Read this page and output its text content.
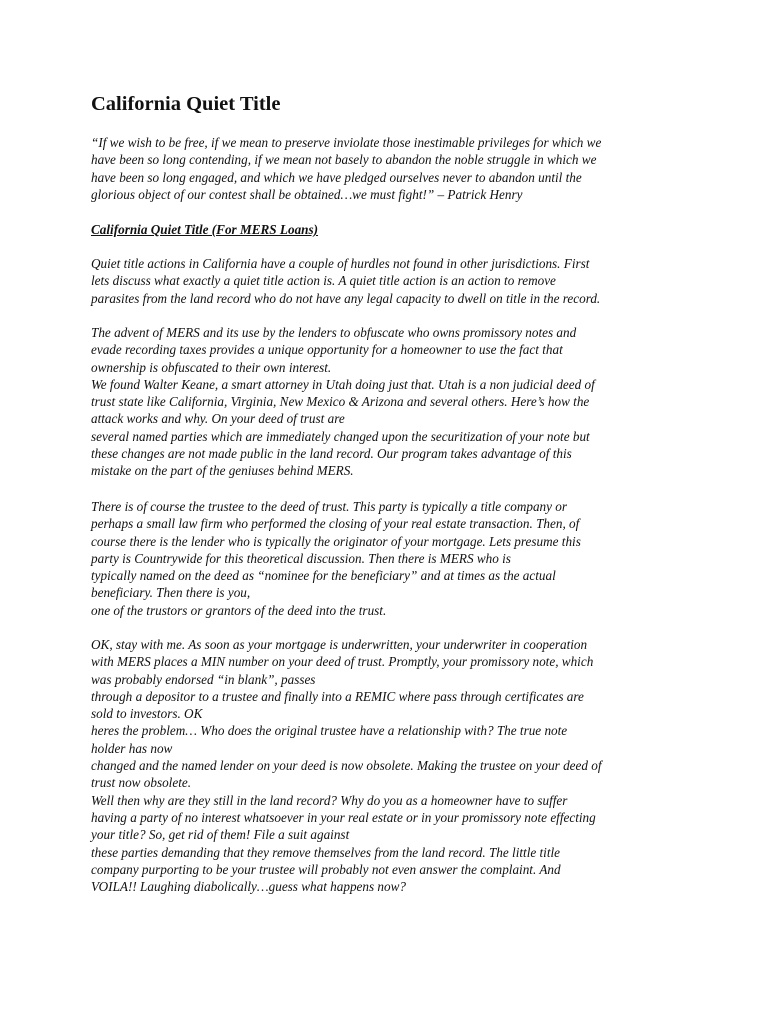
California Quiet Title

“If we wish to be free, if we mean to preserve inviolate those inestimable privileges for which we
have been so long contending, if we mean not basely to abandon the noble struggle in which we
have been so long engaged, and which we have pledged ourselves never to abandon until the
glorious object of our contest shall be obtained…we must fight!” – Patrick Henry

California Quiet Title (For MERS Loans)

Quiet title actions in California have a couple of hurdles not found in other jurisdictions. First
lets discuss what exactly a quiet title action is. A quiet title action is an action to remove
parasites from the land record who do not have any legal capacity to dwell on title in the record.

The advent of MERS and its use by the lenders to obfuscate who owns promissory notes and
evade recording taxes provides a unique opportunity for a homeowner to use the fact that
ownership is obfuscated to their own interest.
We found Walter Keane, a smart attorney in Utah doing just that. Utah is a non judicial deed of
trust state like California, Virginia, New Mexico & Arizona and several others. Here’s how the
attack works and why. On your deed of trust are
several named parties which are immediately changed upon the securitization of your note but
these changes are not made public in the land record. Our program takes advantage of this
mistake on the part of the geniuses behind MERS.

There is of course the trustee to the deed of trust. This party is typically a title company or
perhaps a small law firm who performed the closing of your real estate transaction. Then, of
course there is the lender who is typically the originator of your mortgage. Lets presume this
party is Countrywide for this theoretical discussion. Then there is MERS who is
typically named on the deed as “nominee for the beneficiary” and at times as the actual
beneficiary. Then there is you,
one of the trustors or grantors of the deed into the trust.

OK, stay with me. As soon as your mortgage is underwritten, your underwriter in cooperation
with MERS places a MIN number on your deed of trust. Promptly, your promissory note, which
was probably endorsed “in blank”, passes
through a depositor to a trustee and finally into a REMIC where pass through certificates are
sold to investors. OK
heres the problem… Who does the original trustee have a relationship with? The true note
holder has now
changed and the named lender on your deed is now obsolete. Making the trustee on your deed of
trust now obsolete.
Well then why are they still in the land record? Why do you as a homeowner have to suffer
having a party of no interest whatsoever in your real estate or in your promissory note effecting
your title? So, get rid of them! File a suit against
these parties demanding that they remove themselves from the land record. The little title
company purporting to be your trustee will probably not even answer the complaint. And
VOILA!! Laughing diabolically…guess what happens now?
